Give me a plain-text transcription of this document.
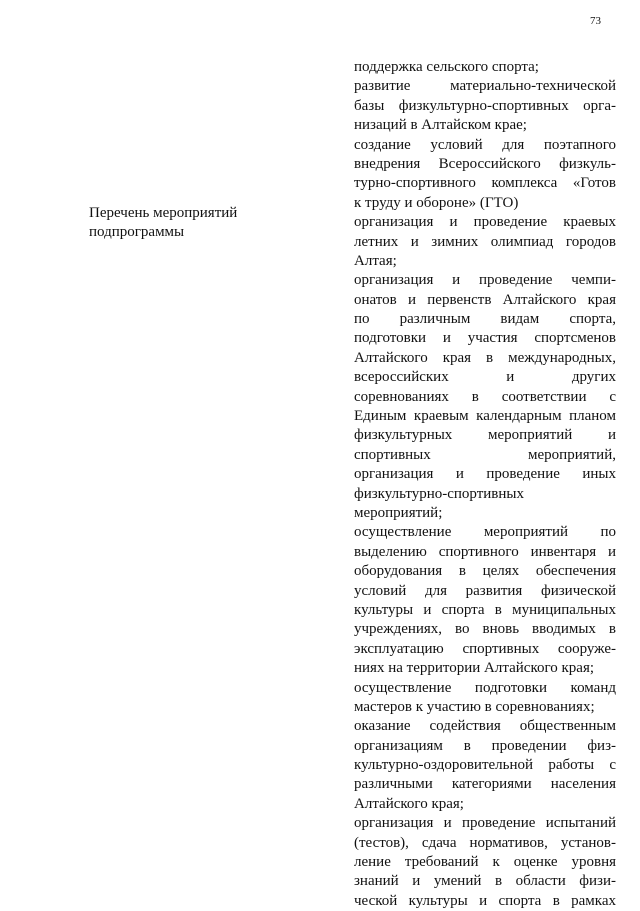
73
Перечень мероприятий
подпрограммы
поддержка сельского спорта;
развитие материально-технической
базы физкультурно-спортивных орга-
низаций в Алтайском крае;
создание условий для поэтапного
внедрения Всероссийского физкуль-
турно-спортивного комплекса «Готов
к труду и обороне» (ГТО)
организация и проведение краевых
летних и зимних олимпиад городов
Алтая;
организация и проведение чемпи-
онатов и первенств Алтайского края
по различным видам спорта,
подготовки и участия спортсменов
Алтайского края в международных,
всероссийских и других
соревнованиях в соответствии с
Единым краевым календарным планом
физкультурных мероприятий и
спортивных мероприятий,
организация и проведение иных
физкультурно-спортивных
мероприятий;
осуществление мероприятий по
выделению спортивного инвентаря и
оборудования в целях обеспечения
условий для развития физической
культуры и спорта в муниципальных
учреждениях, во вновь вводимых в
эксплуатацию спортивных сооруже-
ниях на территории Алтайского края;
осуществление подготовки команд
мастеров к участию в соревнованиях;
оказание содействия общественным
организациям в проведении физ-
культурно-оздоровительной работы с
различными категориями населения
Алтайского края;
организация и проведение испытаний
(тестов), сдача нормативов, установ-
ление требований к оценке уровня
знаний и умений в области физи-
ческой культуры и спорта в рамках
